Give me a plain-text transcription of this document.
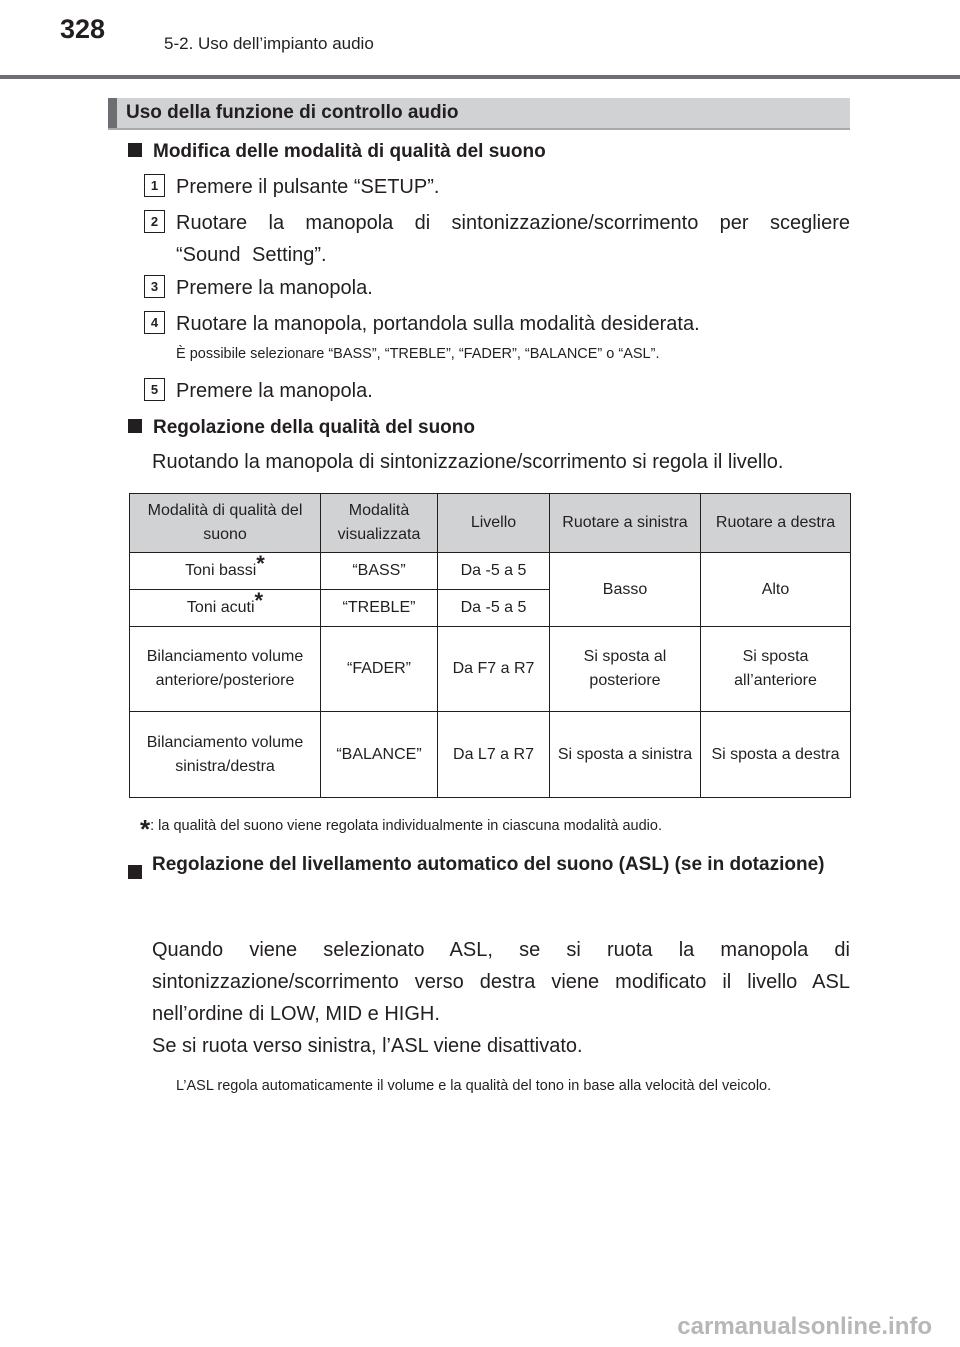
328	5-2. Uso dell’impianto audio
Uso della funzione di controllo audio
Modifica delle modalità di qualità del suono
1 Premere il pulsante “SETUP”.
2 Ruotare la manopola di sintonizzazione/scorrimento per scegliere “Sound Setting”.
3 Premere la manopola.
4 Ruotare la manopola, portandola sulla modalità desiderata.
È possibile selezionare “BASS”, “TREBLE”, “FADER”, “BALANCE” o “ASL”.
5 Premere la manopola.
Regolazione della qualità del suono
Ruotando la manopola di sintonizzazione/scorrimento si regola il livello.
Modalità di qualità del suono	Modalità visualizzata	Livello	Ruotare a sinistra	Ruotare a destra
Toni bassi*	“BASS”	Da -5 a 5	Basso	Alto
Toni acuti*	“TREBLE”	Da -5 a 5		
Bilanciamento volume anteriore/posteriore	“FADER”	Da F7 a R7	Si sposta al posteriore	Si sposta all’anteriore
Bilanciamento volume sinistra/destra	“BALANCE”	Da L7 a R7	Si sposta a sinistra	Si sposta a destra
*: la qualità del suono viene regolata individualmente in ciascuna modalità audio.
Regolazione del livellamento automatico del suono (ASL) (se in dotazione)
Quando viene selezionato ASL, se si ruota la manopola di sintonizzazione/scorrimento verso destra viene modificato il livello ASL nell’ordine di LOW, MID e HIGH.
Se si ruota verso sinistra, l’ASL viene disattivato.
L’ASL regola automaticamente il volume e la qualità del tono in base alla velocità del veicolo.
carmanualsonline.info
